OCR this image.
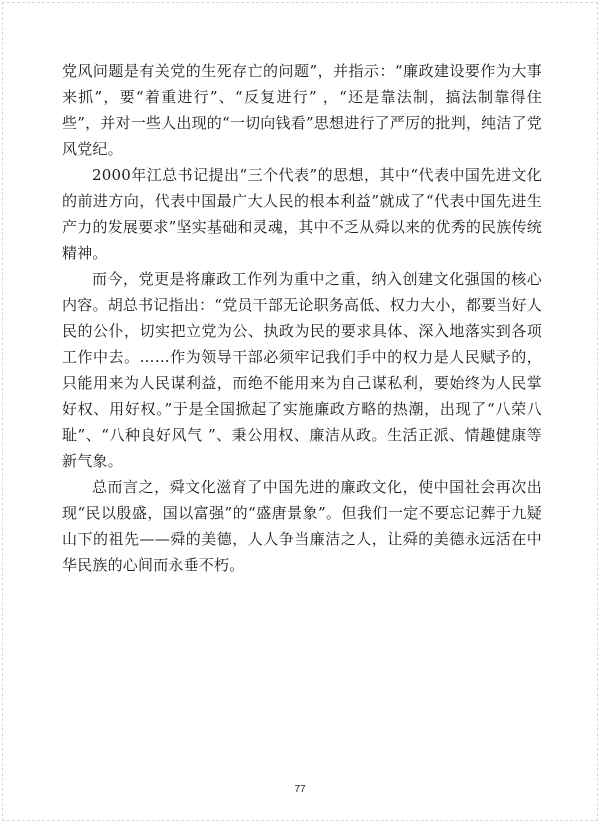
党风问题是有关党的生死存亡的问题”，并指示：“廉政建设要作为大事来抓”，要“着重进行”、“反复进行” ，“还是靠法制，搞法制靠得住些”，并对一些人出现的“一切向钱看”思想进行了严厉的批判，纯洁了党风党纪。

2000年江总书记提出“三个代表”的思想，其中“代表中国先进文化的前进方向，代表中国最广大人民的根本利益”就成了“代表中国先进生产力的发展要求”坚实基础和灵魂，其中不乏从舜以来的优秀的民族传统精神。

而今，党更是将廉政工作列为重中之重，纳入创建文化强国的核心内容。胡总书记指出：“党员干部无论职务高低、权力大小，都要当好人民的公仆，切实把立党为公、执政为民的要求具体、深入地落实到各项工作中去。……作为领导干部必须牢记我们手中的权力是人民赋予的，只能用来为人民谋利益，而绝不能用来为自己谋私利，要始终为人民掌好权、用好权。”于是全国掀起了实施廉政方略的热潮，出现了“八荣八耻”、“八种良好风气 ”、秉公用权、廉洁从政。生活正派、情趣健康等新气象。

总而言之，舜文化滋育了中国先进的廉政文化，使中国社会再次出现“民以殷盛，国以富强”的“盛唐景象”。但我们一定不要忘记葬于九疑山下的祖先——舜的美德，人人争当廉洁之人，让舜的美德永远活在中华民族的心间而永垂不朽。

77
